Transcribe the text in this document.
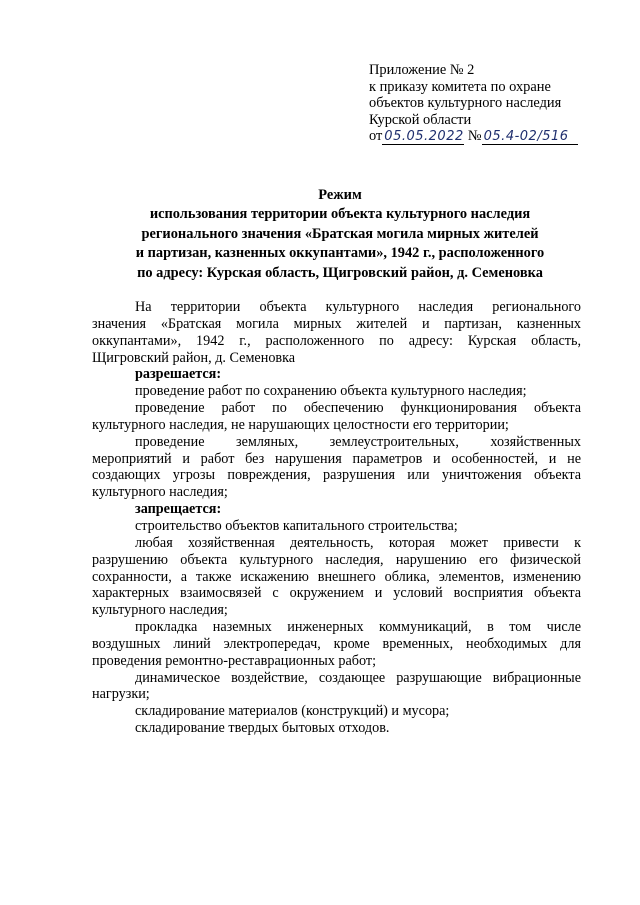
Приложение № 2
к приказу комитета по охране
объектов культурного наследия
Курской области
от 05.05.2022 № 05.4-02/516
Режим
использования территории объекта культурного наследия
регионального значения «Братская могила мирных жителей
и партизан, казненных оккупантами», 1942 г., расположенного
по адресу: Курская область, Щигровский район, д. Семеновка
На территории объекта культурного наследия регионального
значения «Братская могила мирных жителей и партизан, казненных
оккупантами», 1942 г., расположенного по адресу: Курская область,
Щигровский район, д. Семеновка
разрешается:
проведение работ по сохранению объекта культурного наследия;
проведение работ по обеспечению функционирования объекта
культурного наследия, не нарушающих целостности его территории;
проведение земляных, землеустроительных, хозяйственных
мероприятий и работ без нарушения параметров и особенностей, и не
создающих угрозы повреждения, разрушения или уничтожения объекта
культурного наследия;
запрещается:
строительство объектов капитального строительства;
любая хозяйственная деятельность, которая может привести к
разрушению объекта культурного наследия, нарушению его физической
сохранности, а также искажению внешнего облика, элементов, изменению
характерных взаимосвязей с окружением и условий восприятия объекта
культурного наследия;
прокладка наземных инженерных коммуникаций, в том числе
воздушных линий электропередач, кроме временных, необходимых для
проведения ремонтно-реставрационных работ;
динамическое воздействие, создающее разрушающие вибрационные
нагрузки;
складирование материалов (конструкций) и мусора;
складирование твердых бытовых отходов.
